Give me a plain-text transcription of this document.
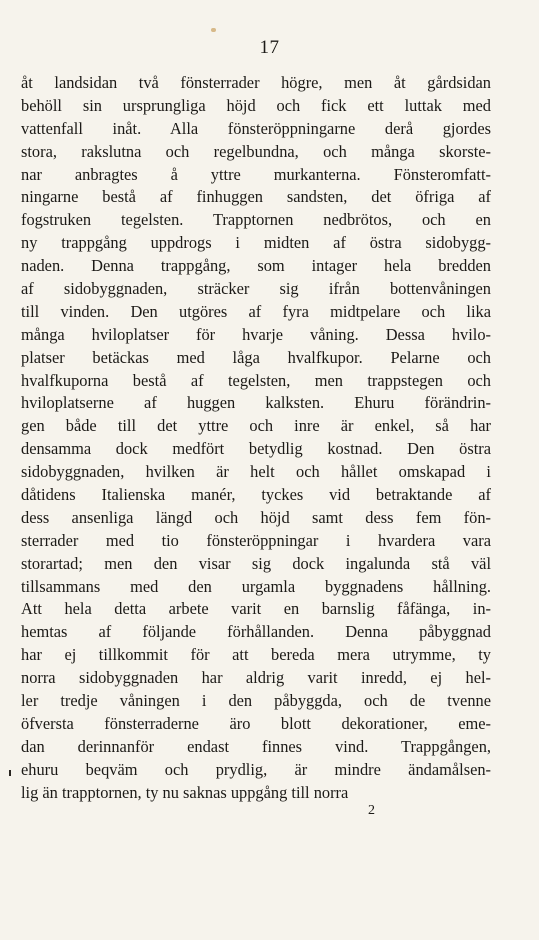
17
åt landsidan två fönsterrader högre, men åt gårdsidan
behöll sin ursprungliga höjd och fick ett luttak med
vattenfall inåt. Alla fönsteröppningarne derå gjordes
stora, rakslutna och regelbundna, och många skorste-
nar anbragtes å yttre murkanterna. Fönsteromfatt-
ningarne bestå af finhuggen sandsten, det öfriga af
fogstruken tegelsten. Trapptornen nedbrötos, och en
ny trappgång uppdrogs i midten af östra sidobygg-
naden. Denna trappgång, som intager hela bredden
af sidobyggnaden, sträcker sig ifrån bottenvåningen
till vinden. Den utgöres af fyra midtpelare och lika
många hviloplatser för hvarje våning. Dessa hvilo-
platser betäckas med låga hvalfkupor. Pelarne och
hvalfkuporna bestå af tegelsten, men trappstegen och
hviloplatserne af huggen kalksten. Ehuru förändrin-
gen både till det yttre och inre är enkel, så har
densamma dock medfört betydlig kostnad. Den östra
sidobyggnaden, hvilken är helt och hållet omskapad i
dåtidens Italienska manér, tyckes vid betraktande af
dess ansenliga längd och höjd samt dess fem fön-
sterrader med tio fönsteröppningar i hvardera vara
storartad; men den visar sig dock ingalunda stå väl
tillsammans med den urgamla byggnadens hållning.
Att hela detta arbete varit en barnslig fåfänga, in-
hemtas af följande förhållanden. Denna påbyggnad
har ej tillkommit för att bereda mera utrymme, ty
norra sidobyggnaden har aldrig varit inredd, ej hel-
ler tredje våningen i den påbyggda, och de tvenne
öfversta fönsterraderne äro blott dekorationer, eme-
dan derinnanför endast finnes vind. Trappgången,
ehuru beqväm och prydlig, är mindre ändamålsen-
lig än trapptornen, ty nu saknas uppgång till norra
2
